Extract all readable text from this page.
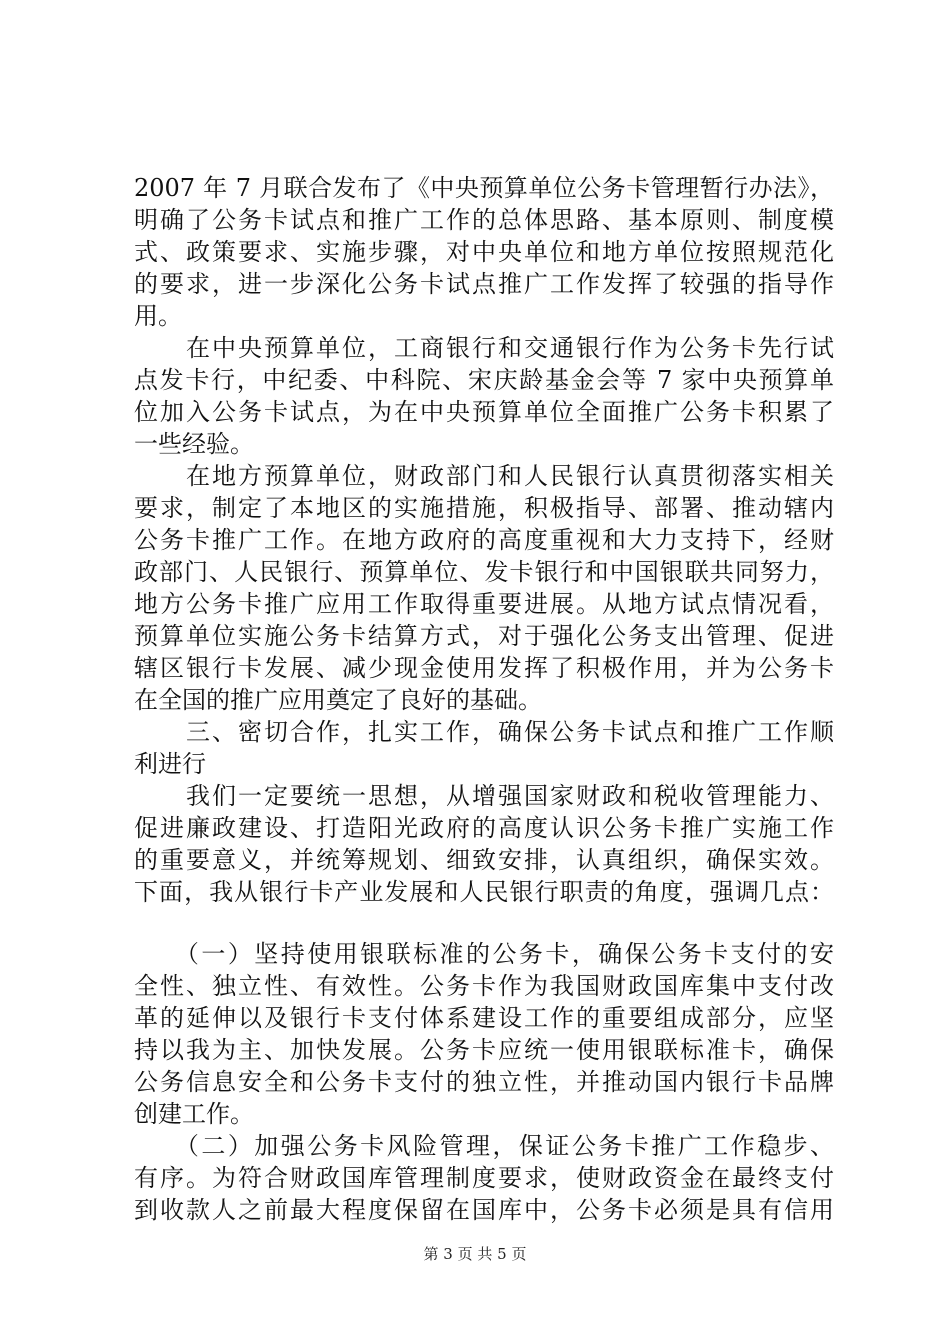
2007 年 7 月联合发布了《中央预算单位公务卡管理暂行办法》，
明确了公务卡试点和推广工作的总体思路、基本原则、制度模
式、政策要求、实施步骤，对中央单位和地方单位按照规范化
的要求，进一步深化公务卡试点推广工作发挥了较强的指导作
用。
　　在中央预算单位，工商银行和交通银行作为公务卡先行试
点发卡行，中纪委、中科院、宋庆龄基金会等 7 家中央预算单
位加入公务卡试点，为在中央预算单位全面推广公务卡积累了
一些经验。
　　在地方预算单位，财政部门和人民银行认真贯彻落实相关
要求，制定了本地区的实施措施，积极指导、部署、推动辖内
公务卡推广工作。在地方政府的高度重视和大力支持下，经财
政部门、人民银行、预算单位、发卡银行和中国银联共同努力，
地方公务卡推广应用工作取得重要进展。从地方试点情况看，
预算单位实施公务卡结算方式，对于强化公务支出管理、促进
辖区银行卡发展、减少现金使用发挥了积极作用，并为公务卡
在全国的推广应用奠定了良好的基础。
　　三、密切合作，扎实工作，确保公务卡试点和推广工作顺
利进行
　　我们一定要统一思想，从增强国家财政和税收管理能力、
促进廉政建设、打造阳光政府的高度认识公务卡推广实施工作
的重要意义，并统筹规划、细致安排，认真组织，确保实效。
下面，我从银行卡产业发展和人民银行职责的角度，强调几点：
　　（一）坚持使用银联标准的公务卡，确保公务卡支付的安
全性、独立性、有效性。公务卡作为我国财政国库集中支付改
革的延伸以及银行卡支付体系建设工作的重要组成部分，应坚
持以我为主、加快发展。公务卡应统一使用银联标准卡，确保
公务信息安全和公务卡支付的独立性，并推动国内银行卡品牌
创建工作。
　　（二）加强公务卡风险管理，保证公务卡推广工作稳步、
有序。为符合财政国库管理制度要求，使财政资金在最终支付
到收款人之前最大程度保留在国库中，公务卡必须是具有信用
第 3 页 共 5 页
